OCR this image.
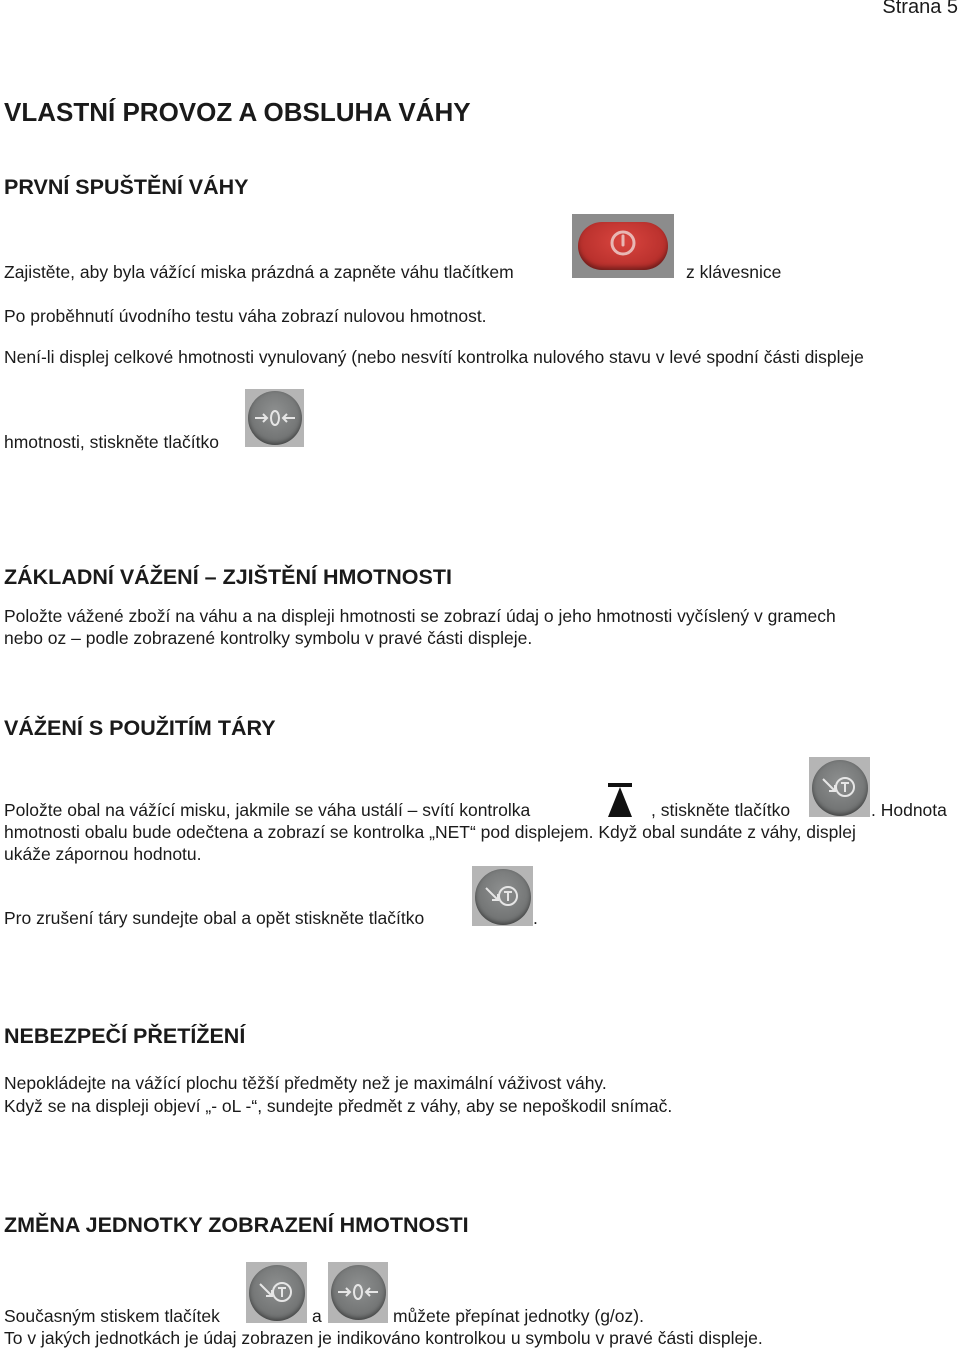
Strana 5
VLASTNÍ PROVOZ A OBSLUHA VÁHY
PRVNÍ SPUŠTĚNÍ VÁHY
Zajistěte, aby byla vážící miska prázdná a zapněte váhu tlačítkem	z klávesnice
Po proběhnutí úvodního testu váha zobrazí nulovou hmotnost.
Není-li displej celkové hmotnosti vynulovaný (nebo nesvítí kontrolka nulového stavu v levé spodní části displeje
hmotnosti, stiskněte tlačítko
ZÁKLADNÍ VÁŽENÍ – ZJIŠTĚNÍ HMOTNOSTI
Položte vážené zboží na váhu a na displeji hmotnosti se zobrazí údaj o jeho hmotnosti vyčíslený v gramech
nebo oz – podle zobrazené kontrolky symbolu v pravé části displeje.
VÁŽENÍ S POUŽITÍM TÁRY
Položte obal na vážící misku, jakmile se váha ustálí – svítí kontrolka	, stiskněte tlačítko	. Hodnota
hmotnosti obalu bude odečtena a zobrazí se kontrolka „NET“ pod displejem. Když obal sundáte z váhy, displej
ukáže zápornou hodnotu.
Pro zrušení táry sundejte obal a opět stiskněte tlačítko	.
NEBEZPEČÍ PŘETÍŽENÍ
Nepokládejte na vážící plochu těžší předměty než je maximální váživost váhy.
Když se na displeji objeví „- oL -“, sundejte předmět z váhy, aby se nepoškodil snímač.
ZMĚNA JEDNOTKY ZOBRAZENÍ HMOTNOSTI
Současným stiskem tlačítek	a	můžete přepínat jednotky (g/oz).
To v jakých jednotkách je údaj zobrazen je indikováno kontrolkou u symbolu v pravé části displeje.
